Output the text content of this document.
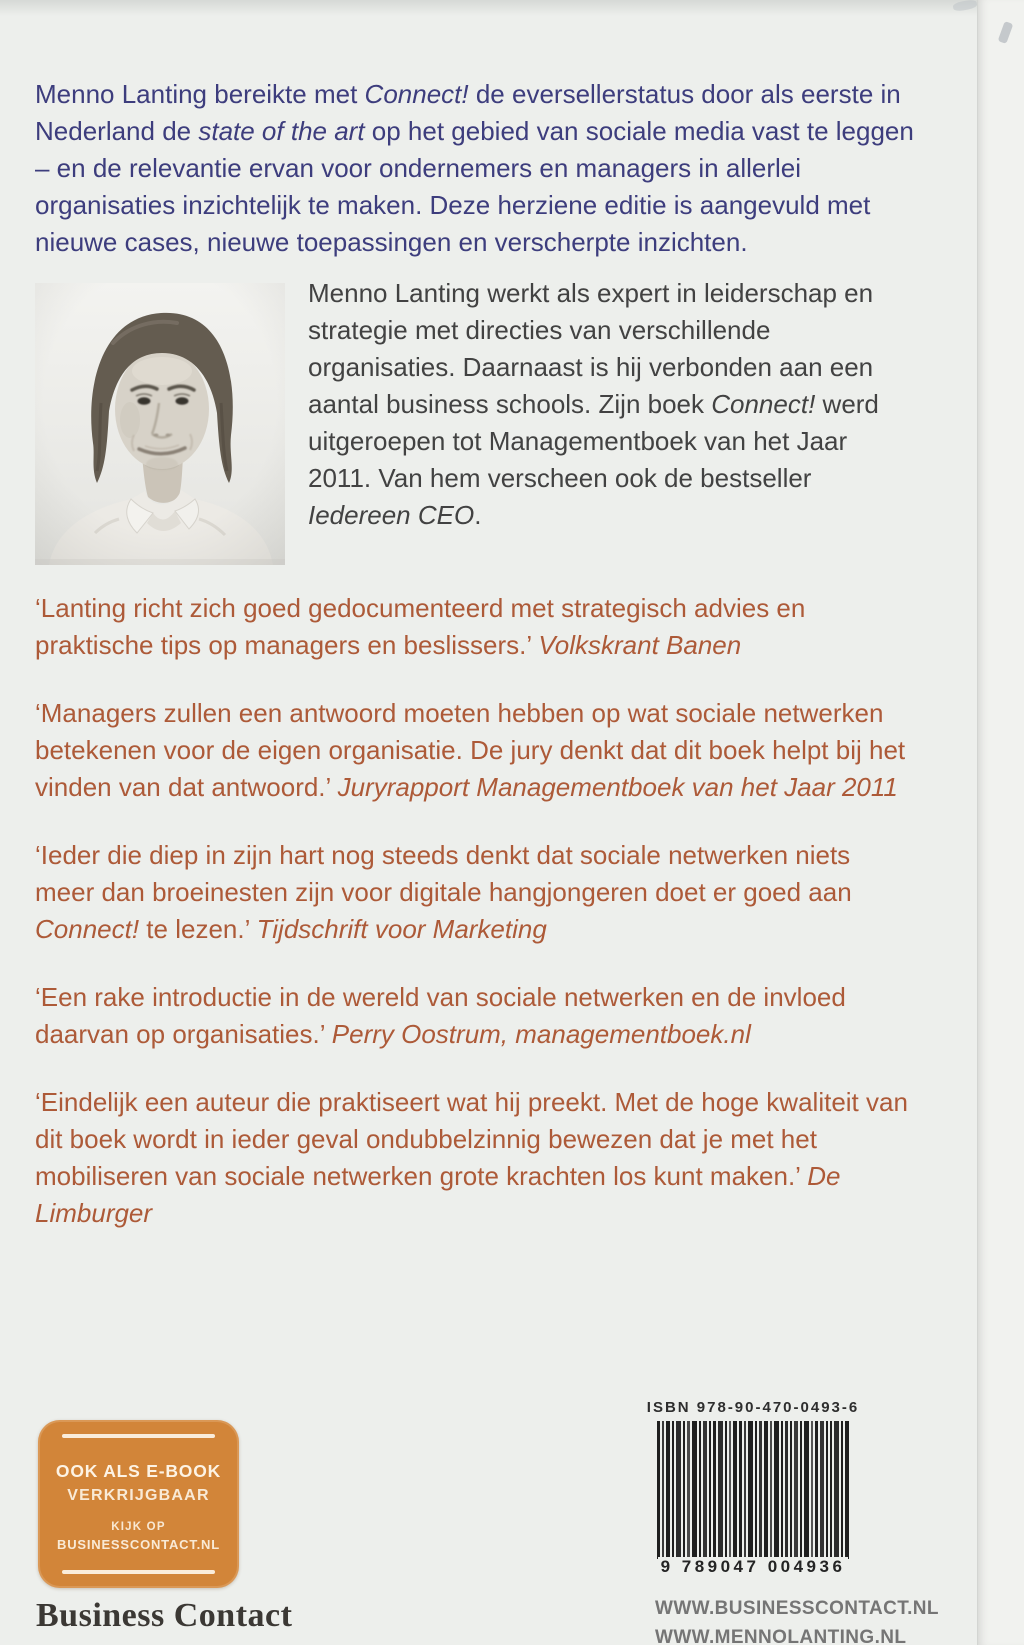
Menno Lanting bereikte met Connect! de eversellerstatus door als eerste in Nederland de state of the art op het gebied van sociale media vast te leggen – en de relevantie ervan voor ondernemers en managers in allerlei organisaties inzichtelijk te maken. Deze herziene editie is aangevuld met nieuwe cases, nieuwe toepassingen en verscherpte inzichten.

Menno Lanting werkt als expert in leiderschap en strategie met directies van verschillende organisaties. Daarnaast is hij verbonden aan een aantal business schools. Zijn boek Connect! werd uitgeroepen tot Managementboek van het Jaar 2011. Van hem verscheen ook de bestseller Iedereen CEO.

‘Lanting richt zich goed gedocumenteerd met strategisch advies en praktische tips op managers en beslissers.’ Volkskrant Banen

‘Managers zullen een antwoord moeten hebben op wat sociale netwerken betekenen voor de eigen organisatie. De jury denkt dat dit boek helpt bij het vinden van dat antwoord.’ Juryrapport Managementboek van het Jaar 2011

‘Ieder die diep in zijn hart nog steeds denkt dat sociale netwerken niets meer dan broeinesten zijn voor digitale hangjongeren doet er goed aan Connect! te lezen.’ Tijdschrift voor Marketing

‘Een rake introductie in de wereld van sociale netwerken en de invloed daarvan op organisaties.’ Perry Oostrum, managementboek.nl

‘Eindelijk een auteur die praktiseert wat hij preekt. Met de hoge kwaliteit van dit boek wordt in ieder geval ondubbelzinnig bewezen dat je met het mobiliseren van sociale netwerken grote krachten los kunt maken.’ De Limburger

OOK ALS E-BOOK
VERKRIJGBAAR
KIJK OP
BUSINESSCONTACT.NL
ISBN 978-90-470-0493-6
9 789047 004936
Business Contact	WWW.BUSINESSCONTACT.NL
WWW.MENNOLANTING.NL
